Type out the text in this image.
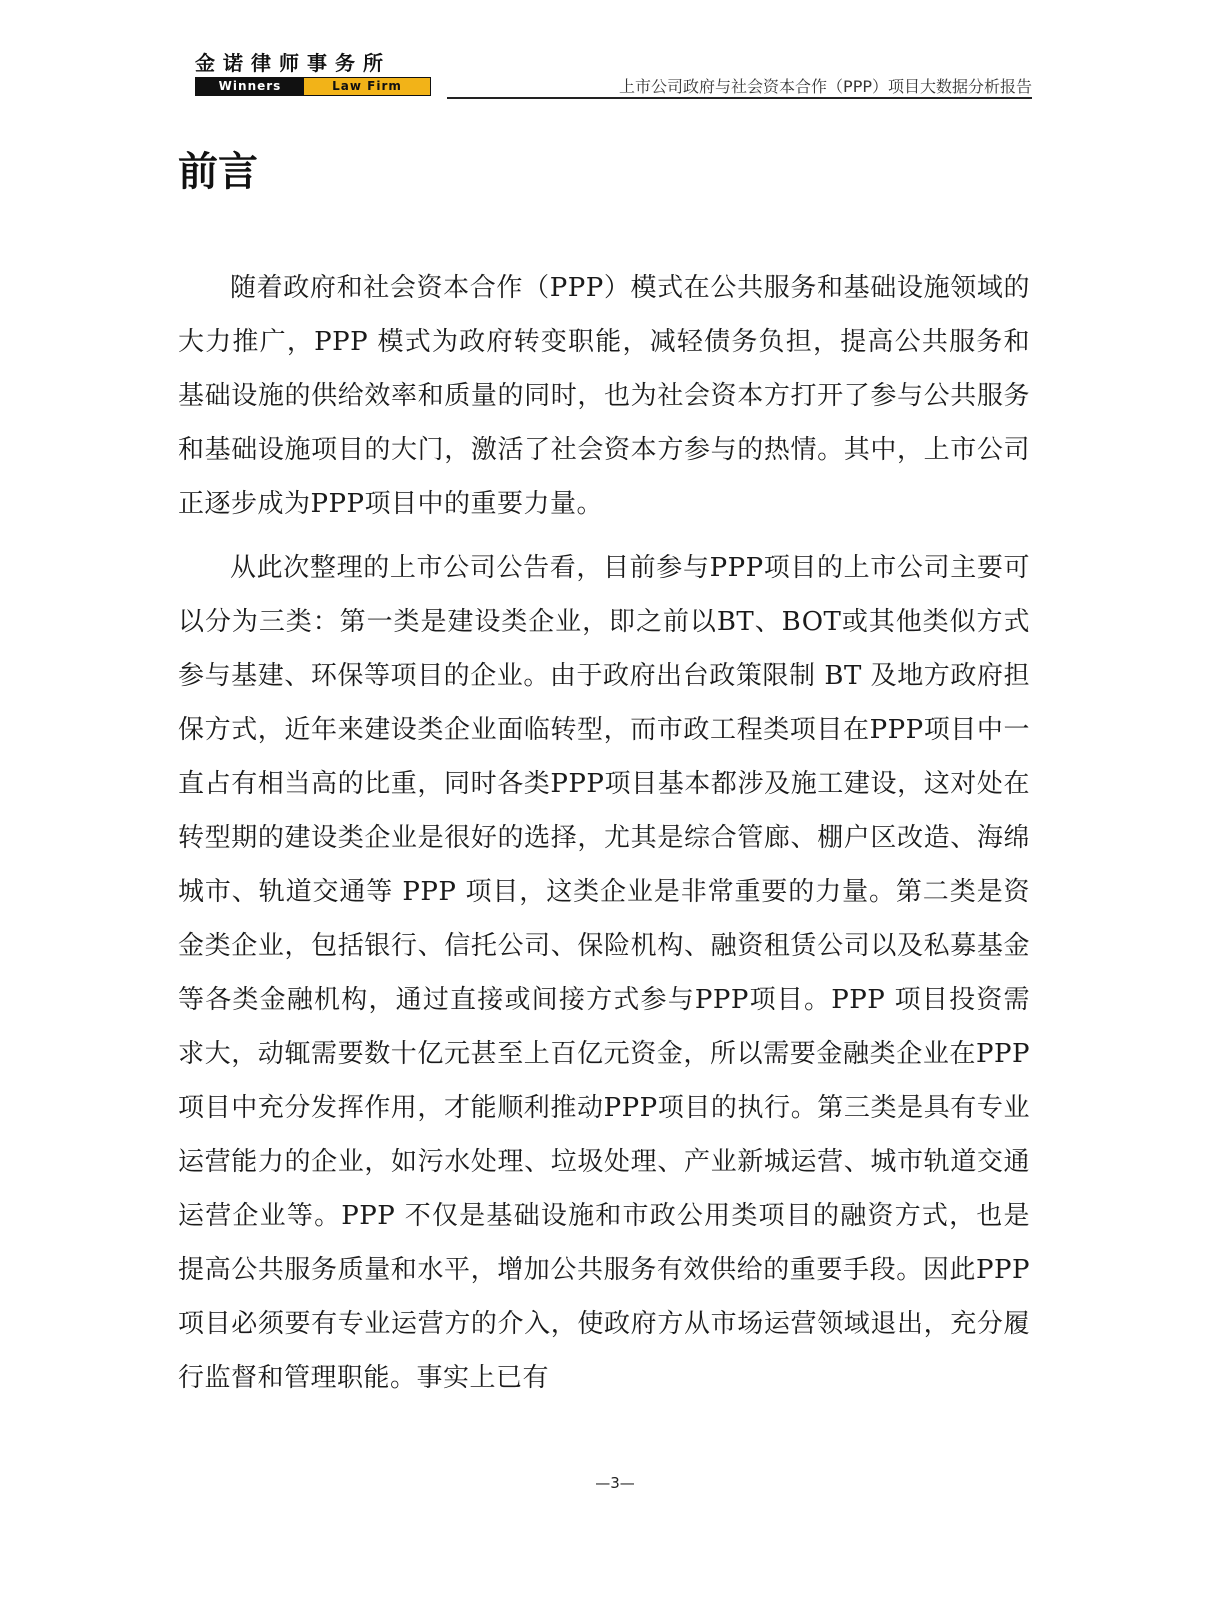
金诺律师事务所
Winners	Law Firm	上市公司政府与社会资本合作（PPP）项目大数据分析报告
前言

随着政府和社会资本合作（PPP）模式在公共服务和基础设施领域的大力推广，PPP 模式为政府转变职能，减轻债务负担，提高公共服务和基础设施的供给效率和质量的同时，也为社会资本方打开了参与公共服务和基础设施项目的大门，激活了社会资本方参与的热情。其中，上市公司正逐步成为PPP项目中的重要力量。

从此次整理的上市公司公告看，目前参与PPP项目的上市公司主要可以分为三类：第一类是建设类企业，即之前以BT、BOT或其他类似方式参与基建、环保等项目的企业。由于政府出台政策限制 BT 及地方政府担保方式，近年来建设类企业面临转型，而市政工程类项目在PPP项目中一直占有相当高的比重，同时各类PPP项目基本都涉及施工建设，这对处在转型期的建设类企业是很好的选择，尤其是综合管廊、棚户区改造、海绵城市、轨道交通等 PPP 项目，这类企业是非常重要的力量。第二类是资金类企业，包括银行、信托公司、保险机构、融资租赁公司以及私募基金等各类金融机构，通过直接或间接方式参与PPP项目。PPP 项目投资需求大，动辄需要数十亿元甚至上百亿元资金，所以需要金融类企业在PPP项目中充分发挥作用，才能顺利推动PPP项目的执行。第三类是具有专业运营能力的企业，如污水处理、垃圾处理、产业新城运营、城市轨道交通运营企业等。PPP 不仅是基础设施和市政公用类项目的融资方式，也是提高公共服务质量和水平，增加公共服务有效供给的重要手段。因此PPP项目必须要有专业运营方的介入，使政府方从市场运营领域退出，充分履行监督和管理职能。事实上已有

—3—
